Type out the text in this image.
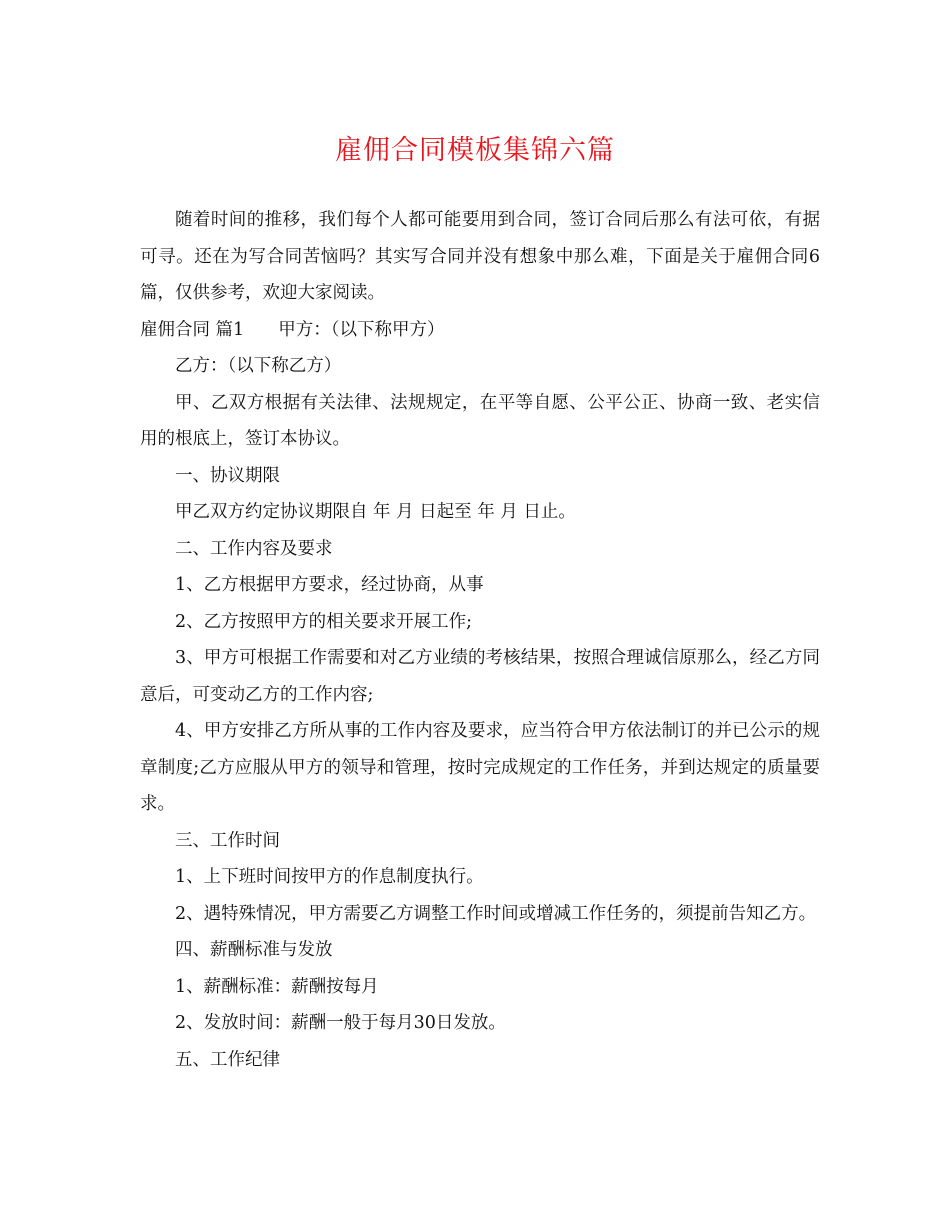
雇佣合同模板集锦六篇

随着时间的推移，我们每个人都可能要用到合同，签订合同后那么有法可依，有据可寻。还在为写合同苦恼吗？其实写合同并没有想象中那么难，下面是关于雇佣合同6篇，仅供参考，欢迎大家阅读。

雇佣合同 篇1 甲方：（以下称甲方）

乙方：（以下称乙方）

甲、乙双方根据有关法律、法规规定，在平等自愿、公平公正、协商一致、老实信用的根底上，签订本协议。

一、协议期限

甲乙双方约定协议期限自 年 月 日起至 年 月 日止。

二、工作内容及要求

1、乙方根据甲方要求，经过协商，从事

2、乙方按照甲方的相关要求开展工作;

3、甲方可根据工作需要和对乙方业绩的考核结果，按照合理诚信原那么，经乙方同意后，可变动乙方的工作内容;

4、甲方安排乙方所从事的工作内容及要求，应当符合甲方依法制订的并已公示的规章制度;乙方应服从甲方的领导和管理，按时完成规定的工作任务，并到达规定的质量要求。

三、工作时间

1、上下班时间按甲方的作息制度执行。

2、遇特殊情况，甲方需要乙方调整工作时间或增减工作任务的，须提前告知乙方。

四、薪酬标准与发放

1、薪酬标准：薪酬按每月

2、发放时间：薪酬一般于每月30日发放。

五、工作纪律
